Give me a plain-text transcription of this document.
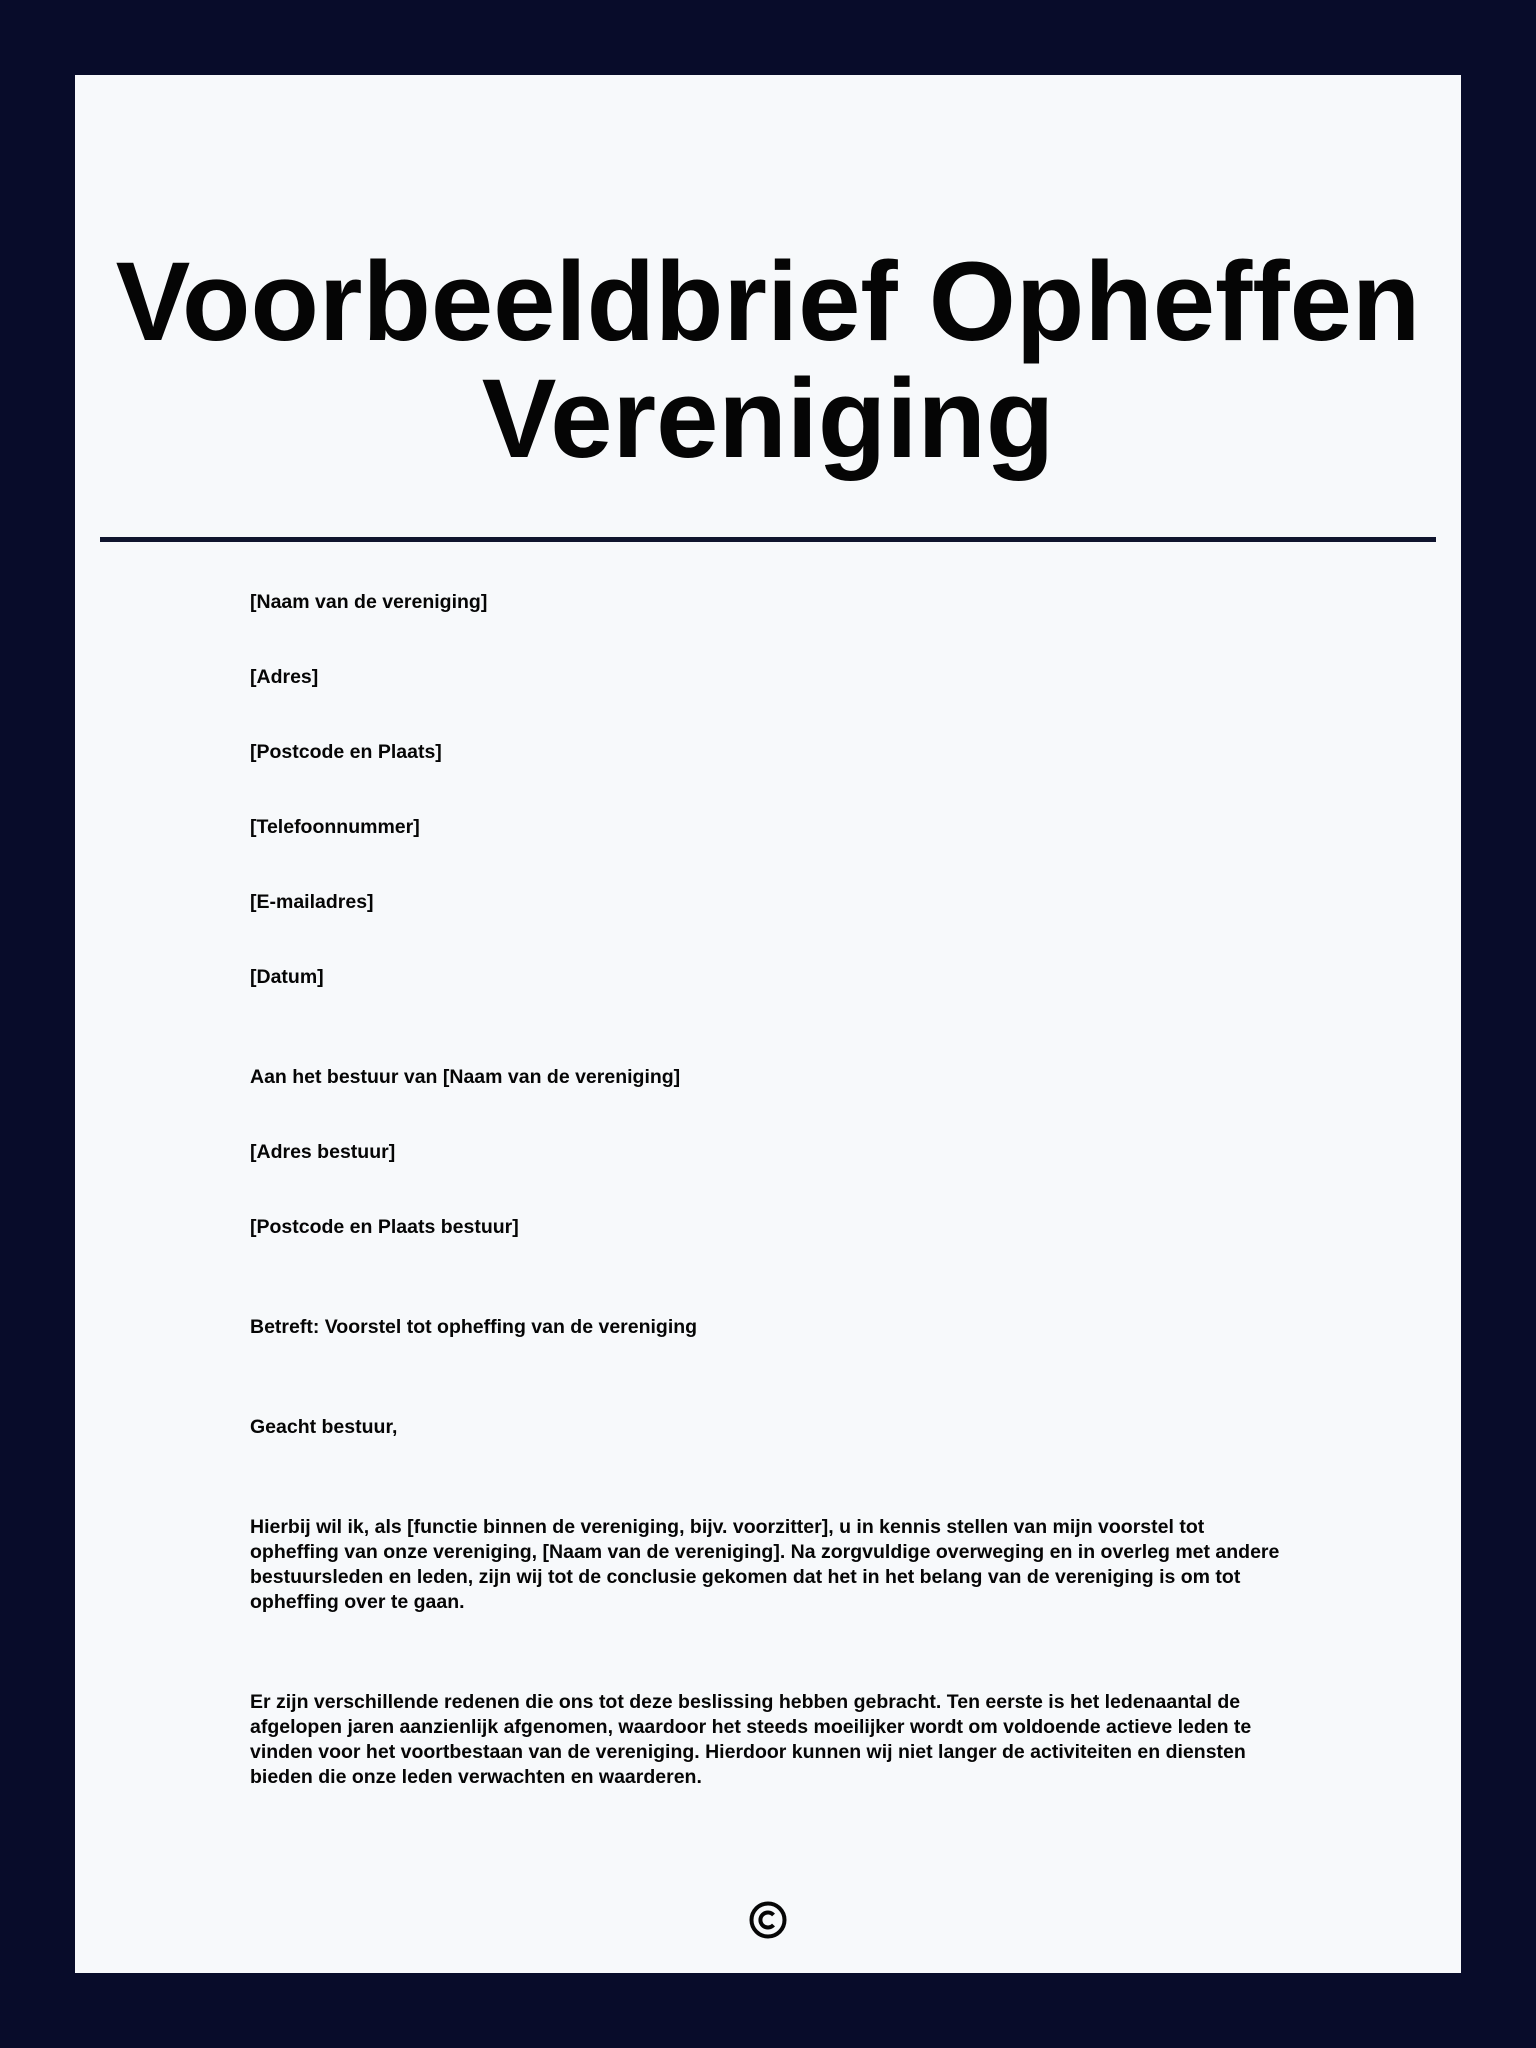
Voorbeeldbrief Opheffen Vereniging

[Naam van de vereniging]

[Adres]

[Postcode en Plaats]

[Telefoonnummer]

[E-mailadres]

[Datum]

Aan het bestuur van [Naam van de vereniging]

[Adres bestuur]

[Postcode en Plaats bestuur]

Betreft: Voorstel tot opheffing van de vereniging

Geacht bestuur,

Hierbij wil ik, als [functie binnen de vereniging, bijv. voorzitter], u in kennis stellen van mijn voorstel tot opheffing van onze vereniging, [Naam van de vereniging]. Na zorgvuldige overweging en in overleg met andere bestuursleden en leden, zijn wij tot de conclusie gekomen dat het in het belang van de vereniging is om tot opheffing over te gaan.

Er zijn verschillende redenen die ons tot deze beslissing hebben gebracht. Ten eerste is het ledenaantal de afgelopen jaren aanzienlijk afgenomen, waardoor het steeds moeilijker wordt om voldoende actieve leden te vinden voor het voortbestaan van de vereniging. Hierdoor kunnen wij niet langer de activiteiten en diensten bieden die onze leden verwachten en waarderen.
